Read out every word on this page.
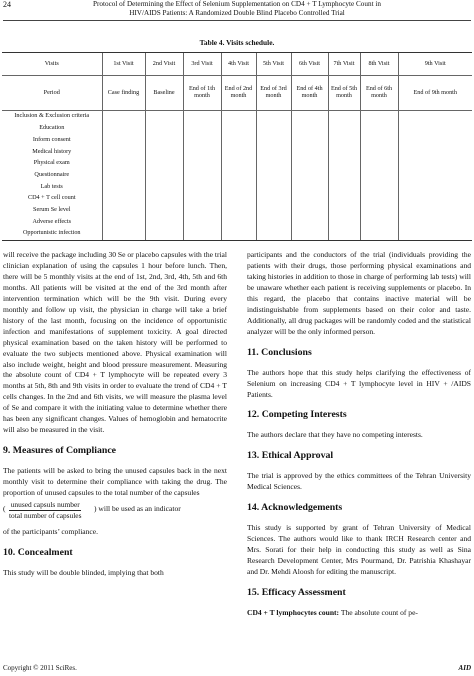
24	Protocol of Determining the Effect of Selenium Supplementation on CD4 + T Lymphocyte Count in
HIV/AIDS Patients: A Randomized Double Blind Placebo Controlled Trial
Table 4. Visits schedule.
Visits	1st Visit	2nd Visit	3rd Visit	4th Visit	5th Visit	6th Visit	7th Visit	8th Visit	9th Visit
Period	Case finding	Baseline	End of 1th month	End of 2nd month	End of 3rd month	End of 4th month	End of 5th month	End of 6th month	End of 9th month
Inclusion & Exclusion criteria									
Education									
Inform consent									
Medical history									
Physical exam									
Questionnaire									
Lab tests									
CD4 + T cell count									
Serum Se level									
Adverse effects									
Opportunistic infection									

will receive the package including 30 Se or placebo capsules with the trial clinician explanation of using the capsules 1 hour before lunch. Then, there will be 5 monthly visits at the end of 1st, 2nd, 3rd, 4th, 5th and 6th months. All patients will be visited at the end of the 3rd month after intervention termination which will be the 9th visit. During every monthly and follow up visit, the physician in charge will take a brief history of the last month, focusing on the incidence of opportunistic infection and manifestations of supplement toxicity. A goal directed physical examination based on the taken history will be performed to evaluate the two subjects mentioned above. Physical examination will also include weight, height and blood pressure measurement. Measuring the absolute count of CD4 + T lymphocyte will be repeated every 3 months at 5th, 8th and 9th visits in order to evaluate the trend of CD4 + T cells changes. In the 2nd and 6th visits, we will measure the plasma level of Se and compare it with the initiating value to determine whether there has been any significant changes. Values of hemoglobin and hematocrite will also be measured in the visit.

9. Measures of Compliance

The patients will be asked to bring the unused capsules back in the next monthly visit to determine their compliance with taking the drug. The proportion of unused capsules to the total number of the capsules

( unused capsuls number
total number of capsules
) will be used as an indicator

of the participants’ compliance.

10. Concealment

This study will be double blinded, implying that both

participants and the conductors of the trial (individuals providing the patients with their drugs, those performing physical examinations and taking histories in addition to those in charge of performing lab tests) will be unaware whether each patient is receiving supplements or placebo. In this regard, the placebo that contains inactive material will be indistinguishable from supplements based on their color and taste. Additionally, all drug packages will be randomly coded and the statistical analyzer will be the only informed person.

11. Conclusions

The authors hope that this study helps clarifying the effectiveness of Selenium on increasing CD4 + T lymphocyte level in HIV + /AIDS Patients.

12. Competing Interests

The authors declare that they have no competing interests.

13. Ethical Approval

The trial is approved by the ethics committees of the Tehran University Medical Sciences.

14. Acknowledgements

This study is supported by grant of Tehran University of Medical Sciences. The authors would like to thank IRCH Research center and Mrs. Sorati for their help in conducting this study as well as Sina Research Development Center, Mrs Pourmand, Dr. Patrishia Khashayar and Dr. Mehdi Aloosh for editing the manuscript.

15. Efficacy Assessment

CD4 + T lymphocytes count: The absolute count of pe-

Copyright © 2011 SciRes.	AID
